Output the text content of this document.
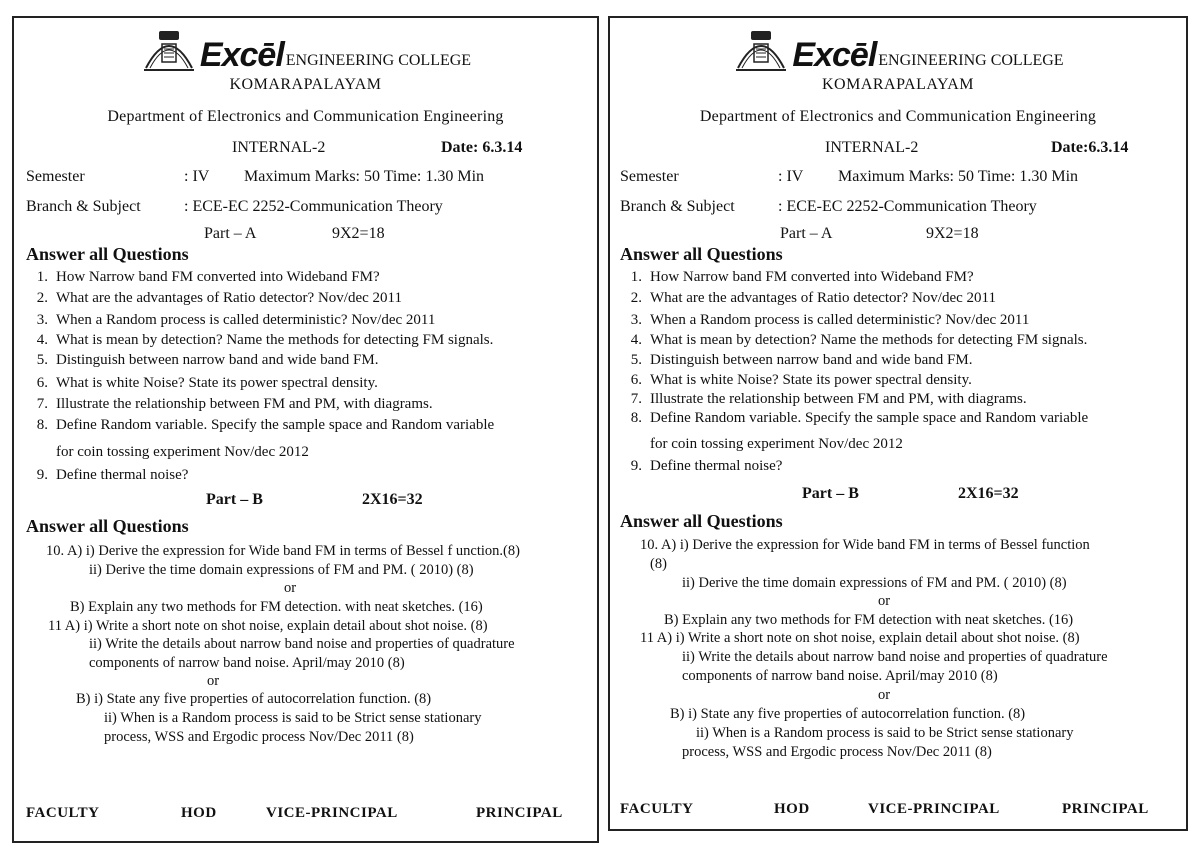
Excēl ENGINEERING COLLEGE
KOMARAPALAYAM
Department of Electronics and Communication Engineering
INTERNAL-2	Date: 6.3.14
Semester	: IV Maximum Marks: 50 Time: 1.30 Min
Branch & Subject	: ECE-EC 2252-Communication Theory
Part – A	9X2=18
Answer all Questions
1. How Narrow band FM converted into Wideband FM?
2. What are the advantages of Ratio detector? Nov/dec 2011
3. When a Random process is called deterministic? Nov/dec 2011
4. What is mean by detection? Name the methods for detecting FM signals.
5. Distinguish between narrow band and wide band FM.
6. What is white Noise? State its power spectral density.
7. Illustrate the relationship between FM and PM, with diagrams.
8. Define Random variable. Specify the sample space and Random variable
for coin tossing experiment Nov/dec 2012
9. Define thermal noise?
Part – B	2X16=32
Answer all Questions
10. A) i) Derive the expression for Wide band FM in terms of Bessel f unction.(8)
ii) Derive the time domain expressions of FM and PM. ( 2010) (8)
or
B) Explain any two methods for FM detection. with neat sketches. (16)
11 A) i) Write a short note on shot noise, explain detail about shot noise. (8)
ii) Write the details about narrow band noise and properties of quadrature
components of narrow band noise. April/may 2010 (8)
or
B) i) State any five properties of autocorrelation function. (8)
ii) When is a Random process is said to be Strict sense stationary
process, WSS and Ergodic process Nov/Dec 2011 (8)
FACULTY	HOD	VICE-PRINCIPAL	PRINCIPAL
Excēl ENGINEERING COLLEGE
KOMARAPALAYAM
Department of Electronics and Communication Engineering
INTERNAL-2	Date:6.3.14
Semester	: IV Maximum Marks: 50 Time: 1.30 Min
Branch & Subject	: ECE-EC 2252-Communication Theory
Part – A	9X2=18
Answer all Questions
1. How Narrow band FM converted into Wideband FM?
2. What are the advantages of Ratio detector? Nov/dec 2011
3. When a Random process is called deterministic? Nov/dec 2011
4. What is mean by detection? Name the methods for detecting FM signals.
5. Distinguish between narrow band and wide band FM.
6. What is white Noise? State its power spectral density.
7. Illustrate the relationship between FM and PM, with diagrams.
8. Define Random variable. Specify the sample space and Random variable
for coin tossing experiment Nov/dec 2012
9. Define thermal noise?
Part – B	2X16=32
Answer all Questions
10. A) i) Derive the expression for Wide band FM in terms of Bessel function
(8)
ii) Derive the time domain expressions of FM and PM. ( 2010) (8)
or
B) Explain any two methods for FM detection with neat sketches. (16)
11 A) i) Write a short note on shot noise, explain detail about shot noise. (8)
ii) Write the details about narrow band noise and properties of quadrature
components of narrow band noise. April/may 2010 (8)
or
B) i) State any five properties of autocorrelation function. (8)
ii) When is a Random process is said to be Strict sense stationary
process, WSS and Ergodic process Nov/Dec 2011 (8)
FACULTY	HOD	VICE-PRINCIPAL	PRINCIPAL
